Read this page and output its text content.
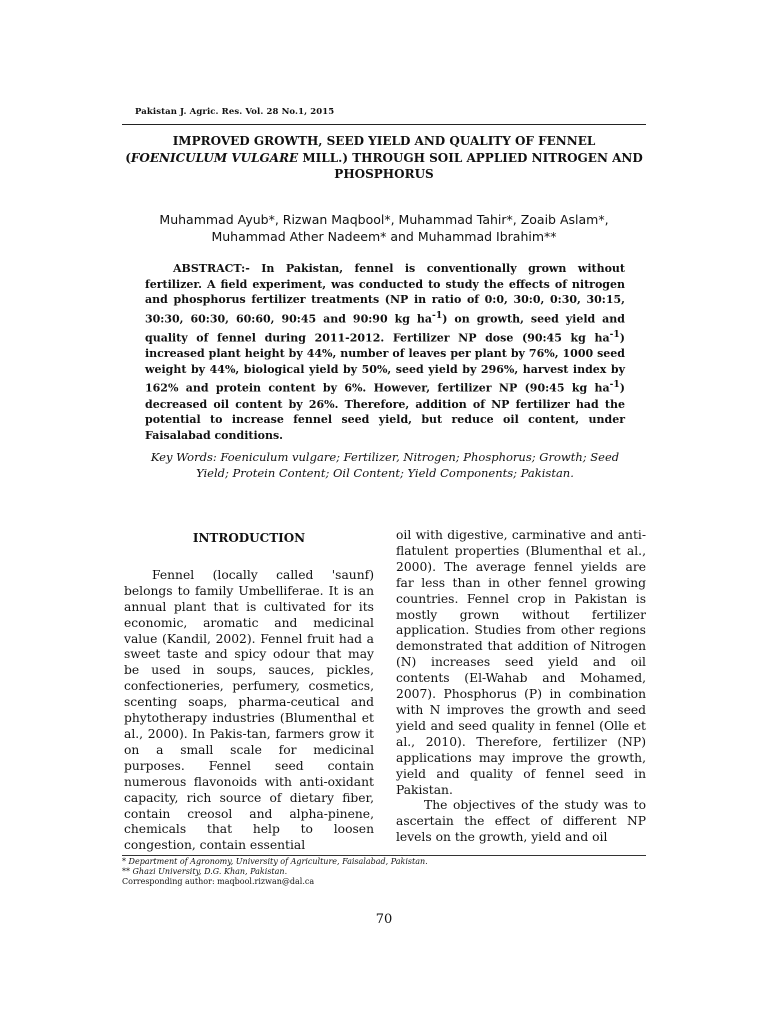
Pakistan J. Agric. Res. Vol. 28 No.1, 2015
IMPROVED GROWTH, SEED YIELD AND QUALITY OF FENNEL (FOENICULUM VULGARE MILL.) THROUGH SOIL APPLIED NITROGEN AND PHOSPHORUS
Muhammad Ayub*, Rizwan Maqbool*, Muhammad Tahir*, Zoaib Aslam*, Muhammad Ather Nadeem* and Muhammad Ibrahim**

ABSTRACT:- In Pakistan, fennel is conventionally grown without fertilizer. A field experiment, was conducted to study the effects of nitrogen and phosphorus fertilizer treatments (NP in ratio of 0:0, 30:0, 0:30, 30:15, 30:30, 60:30, 60:60, 90:45 and 90:90 kg $ha^{-1}$) on growth, seed yield and quality of fennel during 2011-2012. Fertilizer NP dose (90:45 kg $ha^{-1}$) increased plant height by 44%, number of leaves per plant by 76%, 1000 seed weight by 44%, biological yield by 50%, seed yield by 296%, harvest index by 162% and protein content by 6%. However, fertilizer NP (90:45 kg $ha^{-1}$) decreased oil content by 26%. Therefore, addition of NP fertilizer had the potential to increase fennel seed yield, but reduce oil content, under Faisalabad conditions.

Key Words: Foeniculum vulgare; Fertilizer, Nitrogen; Phosphorus; Growth; Seed Yield; Protein Content; Oil Content; Yield Components; Pakistan.
INTRODUCTION

Fennel (locally called 'saunf) belongs to family Umbelliferae. It is an annual plant that is cultivated for its economic, aromatic and medicinal value (Kandil, 2002). Fennel fruit had a sweet taste and spicy odour that may be used in soups, sauces, pickles, confectioneries, perfumery, cosmetics, scenting soaps, pharma-ceutical and phytotherapy industries (Blumenthal et al., 2000). In Pakis-tan, farmers grow it on a small scale for medicinal purposes. Fennel seed contain numerous flavonoids with anti-oxidant capacity, rich source of dietary fiber, contain creosol and alpha-pinene, chemicals that help to loosen congestion, contain essential

oil with digestive, carminative and anti-flatulent properties (Blumenthal et al., 2000). The average fennel yields are far less than in other fennel growing countries. Fennel crop in Pakistan is mostly grown without fertilizer application. Studies from other regions demonstrated that addition of Nitrogen (N) increases seed yield and oil contents (El-Wahab and Mohamed, 2007). Phosphorus (P) in combination with N improves the growth and seed yield and seed quality in fennel (Olle et al., 2010). Therefore, fertilizer (NP) applications may improve the growth, yield and quality of fennel seed in Pakistan.

The objectives of the study was to ascertain the effect of different NP levels on the growth, yield and oil

* Department of Agronomy, University of Agriculture, Faisalabad, Pakistan.
** Ghazi University, D.G. Khan, Pakistan.
Corresponding author: maqbool.rizwan@dal.ca
70
